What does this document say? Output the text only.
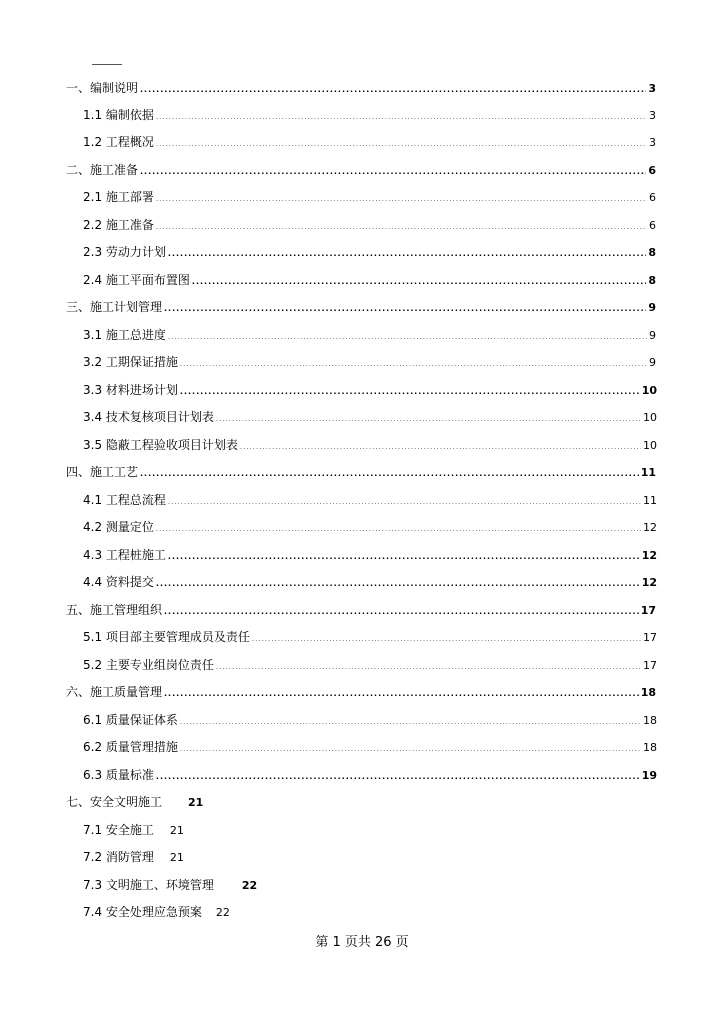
一、编制说明 .....	3
1.1 编制依据 .....	3
1.2 工程概况 .....	3
二、施工准备 .....	6
2.1 施工部署 .....	6
2.2 施工准备 .....	6
2.3 劳动力计划 .....	8
2.4 施工平面布置图 .....	8
三、施工计划管理 .....	9
3.1 施工总进度 .....	9
3.2 工期保证措施 .....	9
3.3 材料进场计划 .....	10
3.4 技术复核项目计划表 .....	10
3.5 隐蔽工程验收项目计划表 .....	10
四、施工工艺 .....	11
4.1 工程总流程 .....	11
4.2 测量定位 .....	12
4.3 工程桩施工 .....	12
4.4 资料提交 .....	12
五、施工管理组织 .....	17
5.1 项目部主要管理成员及责任 .....	17
5.2 主要专业组岗位责任 .....	17
六、施工质量管理 .....	18
6.1 质量保证体系 .....	18
6.2 质量管理措施 .....	18
6.3 质量标准 .....	19
七、安全文明施工 21
7.1 安全施工 21
7.2 消防管理 21
7.3 文明施工、环境管理	22
7.4 安全处理应急预案 22
第 1 页共 26 页
